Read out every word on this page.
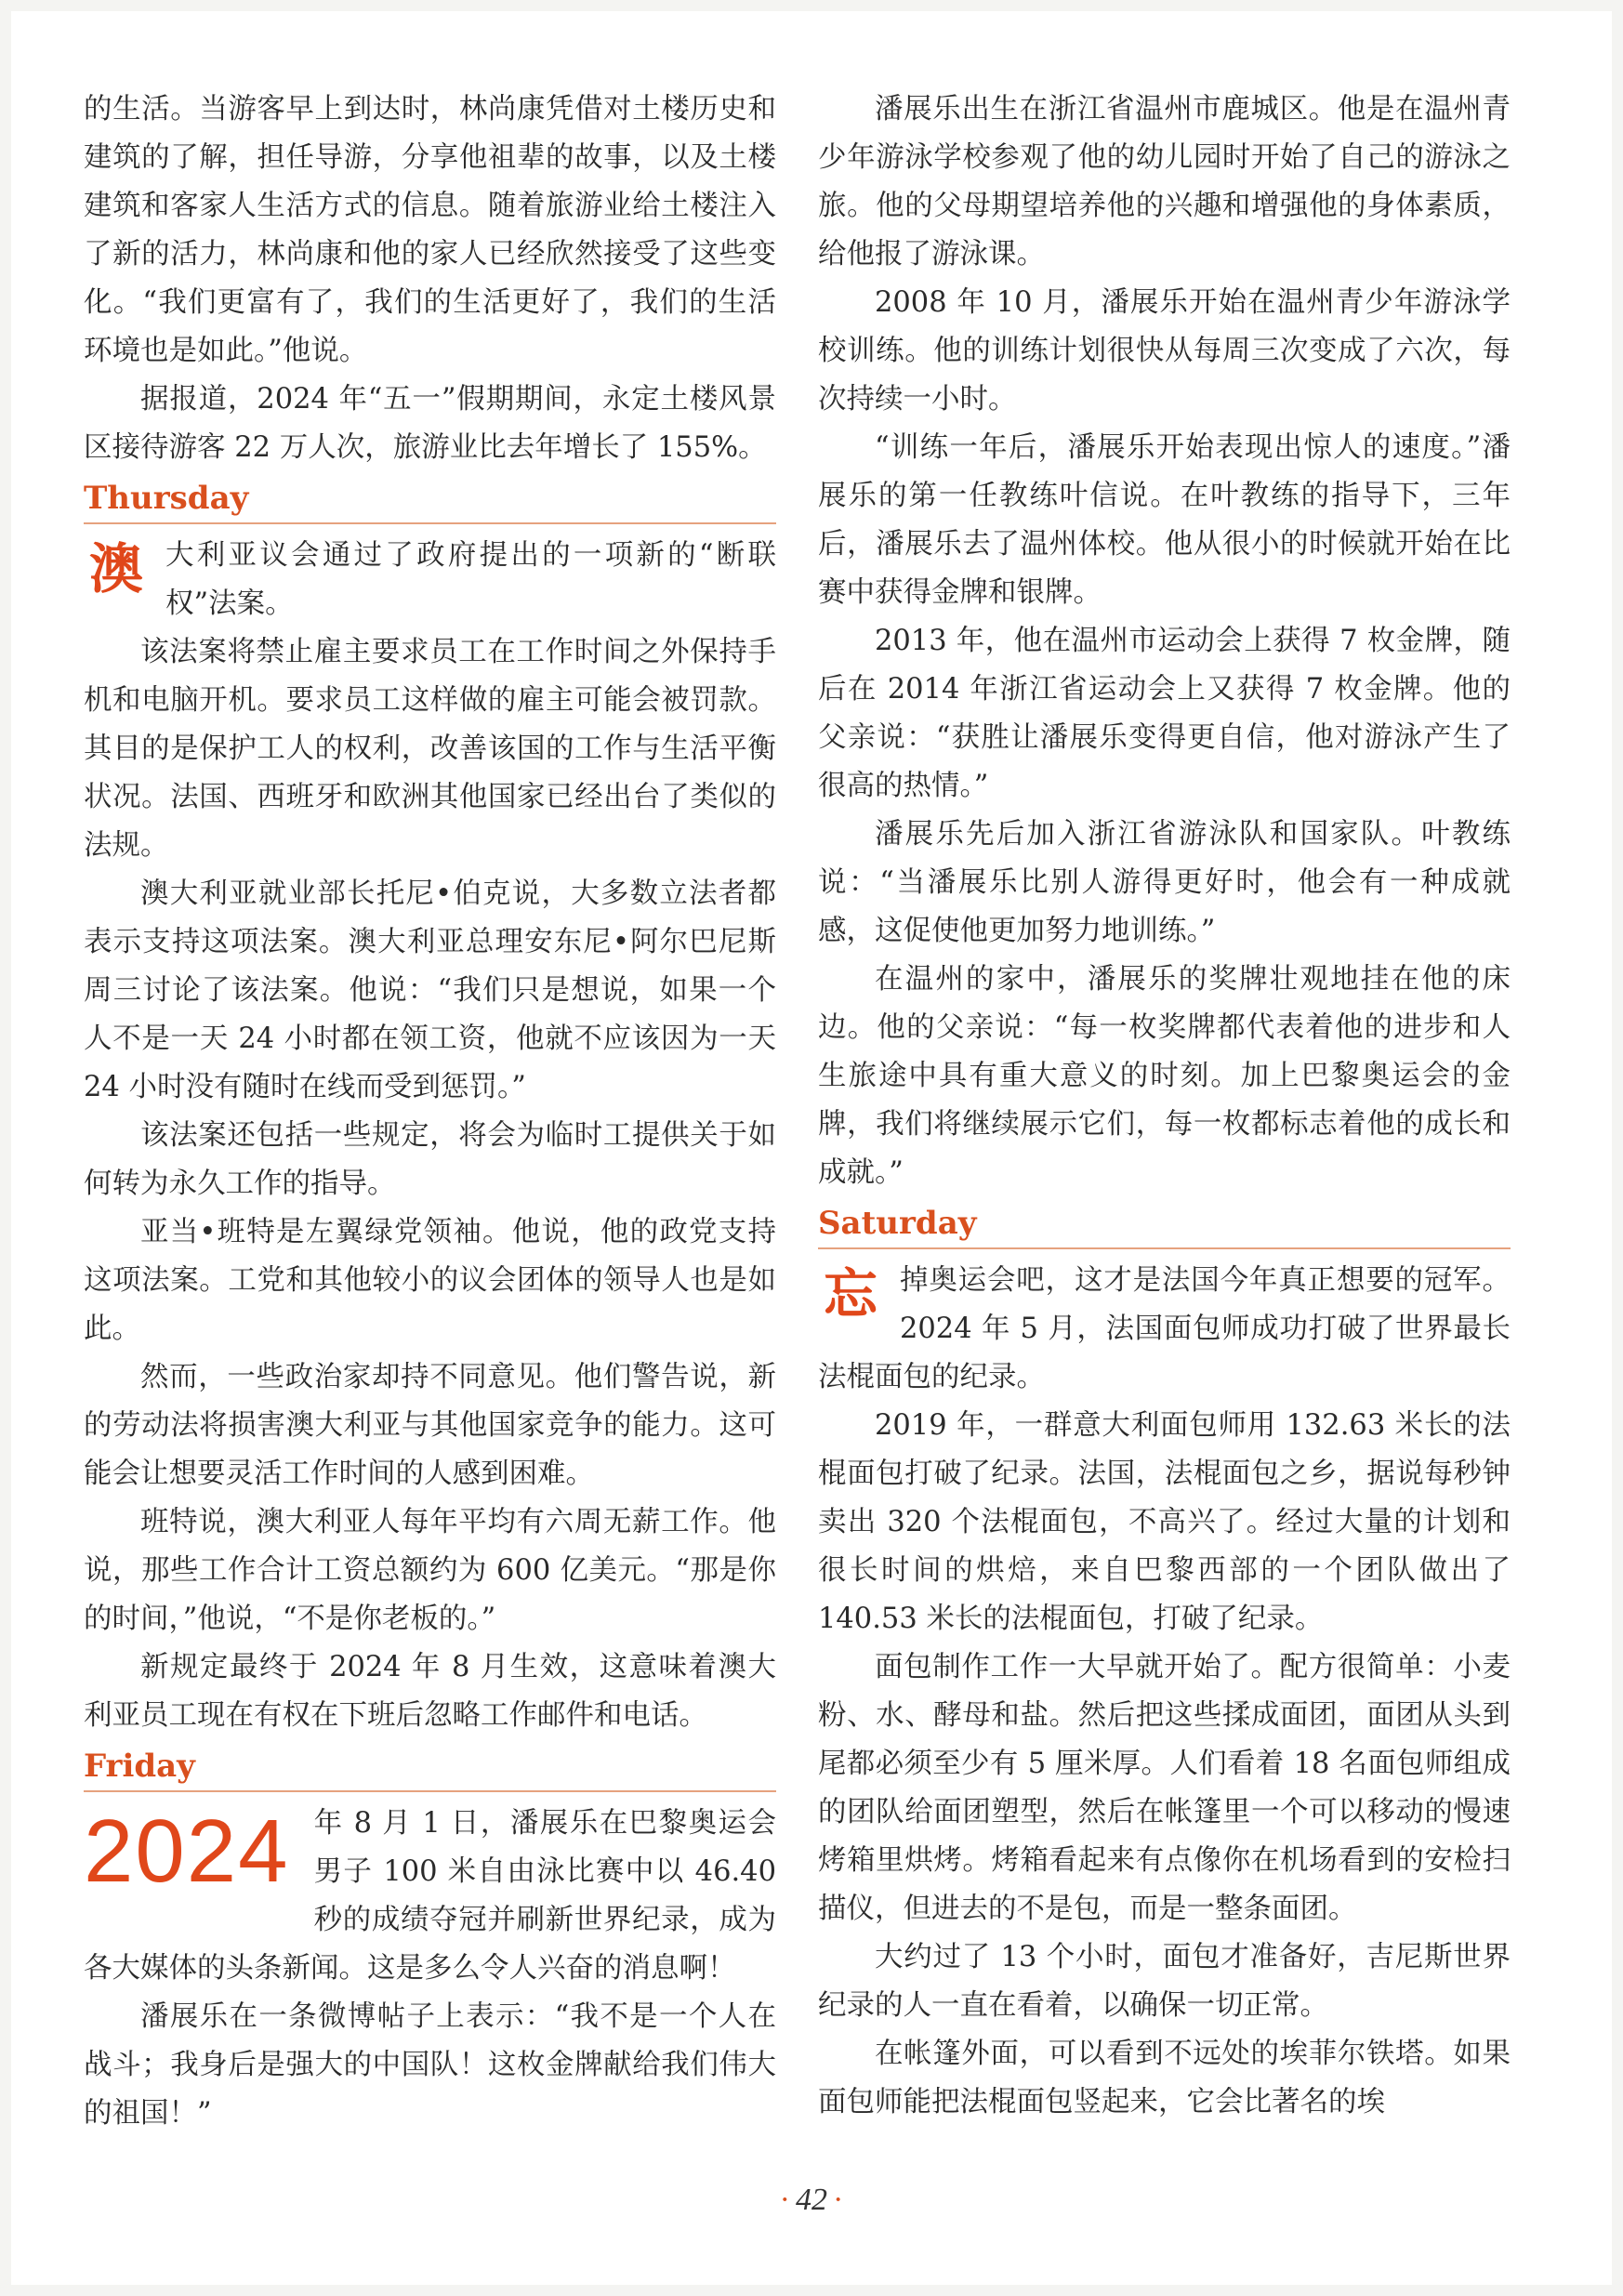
的生活。当游客早上到达时，林尚康凭借对土楼历史和建筑的了解，担任导游，分享他祖辈的故事，以及土楼建筑和客家人生活方式的信息。随着旅游业给土楼注入了新的活力，林尚康和他的家人已经欣然接受了这些变化。“我们更富有了，我们的生活更好了，我们的生活环境也是如此。”他说。

据报道，2024 年“五一”假期期间，永定土楼风景区接待游客 22 万人次，旅游业比去年增长了 155%。

Thursday

澳大利亚议会通过了政府提出的一项新的“断联权”法案。

该法案将禁止雇主要求员工在工作时间之外保持手机和电脑开机。要求员工这样做的雇主可能会被罚款。其目的是保护工人的权利，改善该国的工作与生活平衡状况。法国、西班牙和欧洲其他国家已经出台了类似的法规。

澳大利亚就业部长托尼•伯克说，大多数立法者都表示支持这项法案。澳大利亚总理安东尼•阿尔巴尼斯周三讨论了该法案。他说：“我们只是想说，如果一个人不是一天 24 小时都在领工资，他就不应该因为一天 24 小时没有随时在线而受到惩罚。”

该法案还包括一些规定，将会为临时工提供关于如何转为永久工作的指导。

亚当•班特是左翼绿党领袖。他说，他的政党支持这项法案。工党和其他较小的议会团体的领导人也是如此。

然而，一些政治家却持不同意见。他们警告说，新的劳动法将损害澳大利亚与其他国家竞争的能力。这可能会让想要灵活工作时间的人感到困难。

班特说，澳大利亚人每年平均有六周无薪工作。他说，那些工作合计工资总额约为 600 亿美元。“那是你的时间，”他说，“不是你老板的。”

新规定最终于 2024 年 8 月生效，这意味着澳大利亚员工现在有权在下班后忽略工作邮件和电话。

Friday

2024 年 8 月 1 日，潘展乐在巴黎奥运会男子 100 米自由泳比赛中以 46.40 秒的成绩夺冠并刷新世界纪录，成为各大媒体的头条新闻。这是多么令人兴奋的消息啊！

潘展乐在一条微博帖子上表示：“我不是一个人在战斗；我身后是强大的中国队！这枚金牌献给我们伟大的祖国！”

潘展乐出生在浙江省温州市鹿城区。他是在温州青少年游泳学校参观了他的幼儿园时开始了自己的游泳之旅。他的父母期望培养他的兴趣和增强他的身体素质，给他报了游泳课。

2008 年 10 月，潘展乐开始在温州青少年游泳学校训练。他的训练计划很快从每周三次变成了六次，每次持续一小时。

“训练一年后，潘展乐开始表现出惊人的速度。”潘展乐的第一任教练叶信说。在叶教练的指导下，三年后，潘展乐去了温州体校。他从很小的时候就开始在比赛中获得金牌和银牌。

2013 年，他在温州市运动会上获得 7 枚金牌，随后在 2014 年浙江省运动会上又获得 7 枚金牌。他的父亲说：“获胜让潘展乐变得更自信，他对游泳产生了很高的热情。”

潘展乐先后加入浙江省游泳队和国家队。叶教练说：“当潘展乐比别人游得更好时，他会有一种成就感，这促使他更加努力地训练。”

在温州的家中，潘展乐的奖牌壮观地挂在他的床边。他的父亲说：“每一枚奖牌都代表着他的进步和人生旅途中具有重大意义的时刻。加上巴黎奥运会的金牌，我们将继续展示它们，每一枚都标志着他的成长和成就。”

Saturday

忘掉奥运会吧，这才是法国今年真正想要的冠军。2024 年 5 月，法国面包师成功打破了世界最长法棍面包的纪录。

2019 年，一群意大利面包师用 132.63 米长的法棍面包打破了纪录。法国，法棍面包之乡，据说每秒钟卖出 320 个法棍面包，不高兴了。经过大量的计划和很长时间的烘焙，来自巴黎西部的一个团队做出了 140.53 米长的法棍面包，打破了纪录。

面包制作工作一大早就开始了。配方很简单：小麦粉、水、酵母和盐。然后把这些揉成面团，面团从头到尾都必须至少有 5 厘米厚。人们看着 18 名面包师组成的团队给面团塑型，然后在帐篷里一个可以移动的慢速烤箱里烘烤。烤箱看起来有点像你在机场看到的安检扫描仪，但进去的不是包，而是一整条面团。

大约过了 13 个小时，面包才准备好，吉尼斯世界纪录的人一直在看着，以确保一切正常。

在帐篷外面，可以看到不远处的埃菲尔铁塔。如果面包师能把法棍面包竖起来，它会比著名的埃

· 42 ·
